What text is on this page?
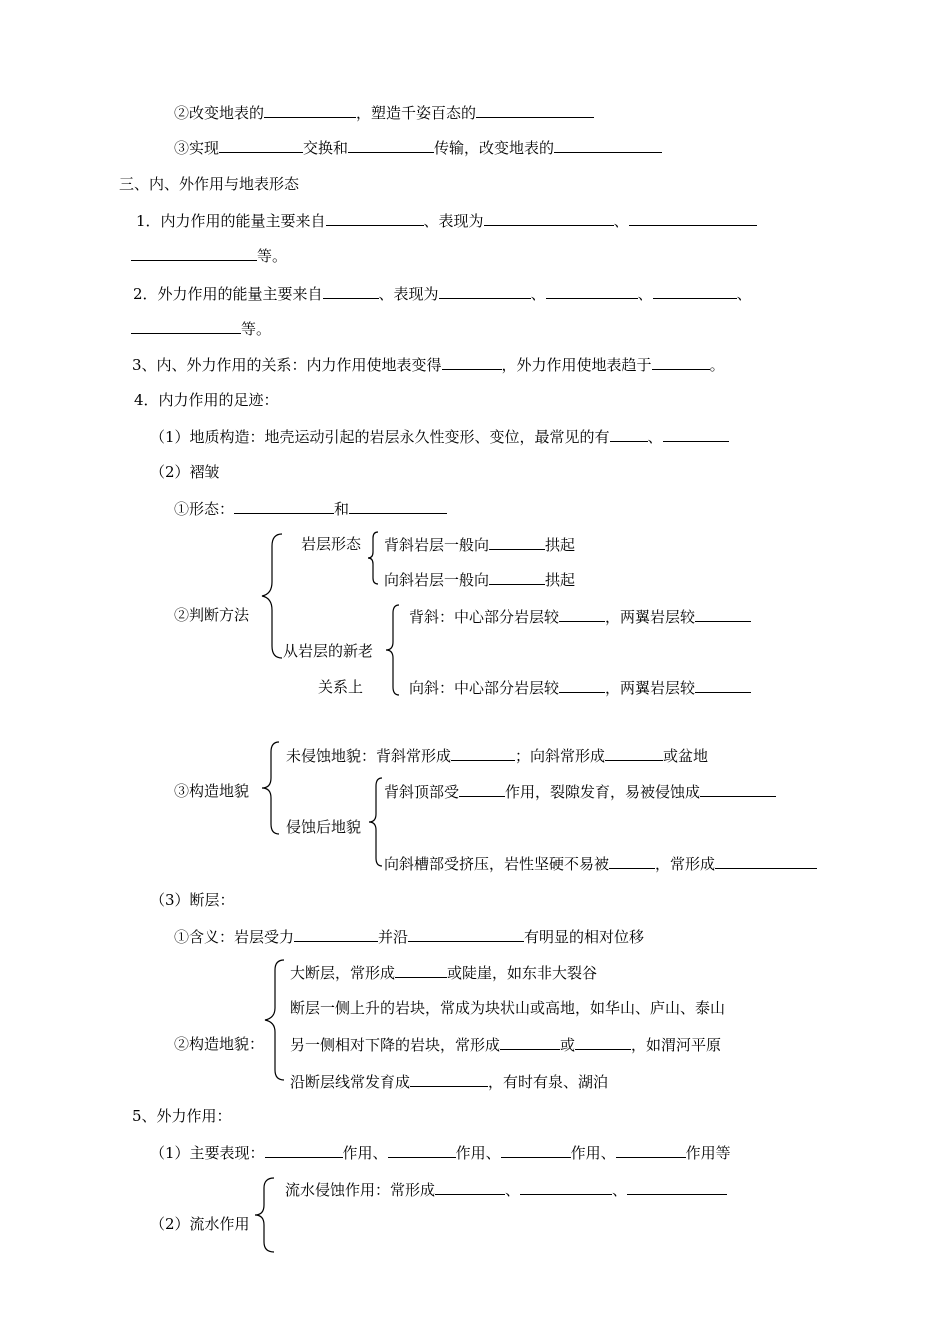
②改变地表的	，塑造千姿百态的
③实现	交换和	传输，改变地表的
三、内、外作用与地表形态
1．内力作用的能量主要来自	、表现为	、
等。
2．外力作用的能量主要来自	、表现为	、	、	、
等。
3、内、外力作用的关系：内力作用使地表变得	，外力作用使地表趋于	。
4．内力作用的足迹：
（1）地质构造：地壳运动引起的岩层永久性变形、变位，最常见的有	、
（2）褶皱
①形态：	和
岩层形态 背斜岩层一般向	拱起
向斜岩层一般向	拱起
②判断方法	背斜：中心部分岩层较	，两翼岩层较
从岩层的新老
关系上	向斜：中心部分岩层较	，两翼岩层较
未侵蚀地貌：背斜常形成	；向斜常形成	或盆地
③构造地貌	背斜顶部受	作用，裂隙发育，易被侵蚀成
侵蚀后地貌
向斜槽部受挤压，岩性坚硬不易被	，常形成
（3）断层：
①含义：岩层受力	并沿	有明显的相对位移
大断层，常形成	或陡崖，如东非大裂谷
断层一侧上升的岩块，常成为块状山或高地，如华山、庐山、泰山
②构造地貌： 另一侧相对下降的岩块，常形成	或	，如渭河平原
沿断层线常发育成	，有时有泉、湖泊
5、外力作用：
（1）主要表现：	作用、	作用、	作用、	作用等
流水侵蚀作用：常形成	、	、
（2）流水作用
